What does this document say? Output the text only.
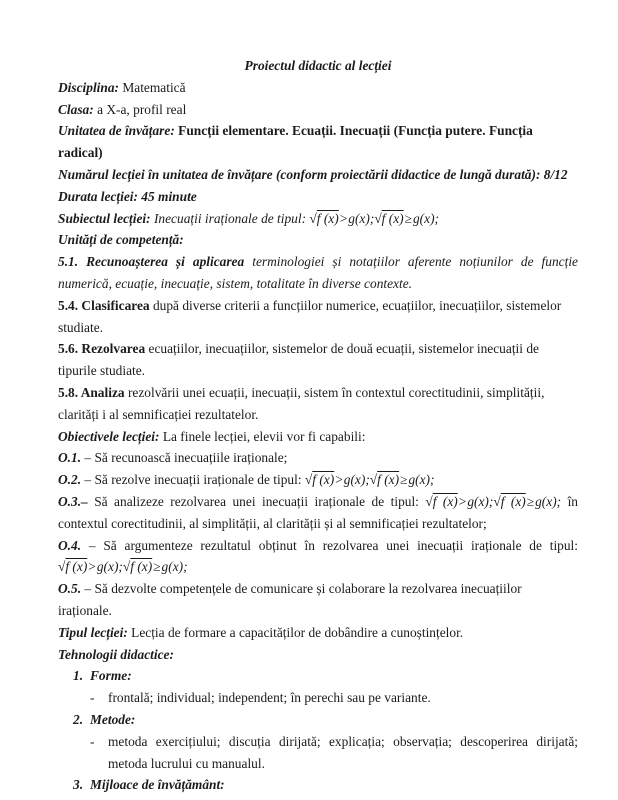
Proiectul didactic al lecției

Disciplina: Matematică

Clasa: a X-a, profil real

Unitatea de învățare: Funcții elementare. Ecuații. Inecuații (Funcția putere. Funcția radical)

Numărul lecției în unitatea de învățare (conform proiectării didactice de lungă durată): 8/12

Durata lecției: 45 minute

Subiectul lecției: Inecuații iraționale de tipul: √f (x)>g(x);√f (x)≥g(x);

Unități de competență:

5.1. Recunoașterea și aplicarea terminologiei și notațiilor aferente noțiunilor de funcție numerică, ecuație, inecuație, sistem, totalitate în diverse contexte.

5.4. Clasificarea după diverse criterii a funcțiilor numerice, ecuațiilor, inecuațiilor, sistemelor studiate.

5.6. Rezolvarea ecuațiilor, inecuațiilor, sistemelor de două ecuații, sistemelor inecuații de tipurile studiate.

5.8. Analiza rezolvării unei ecuații, inecuații, sistem în contextul corectitudinii, simplității, clarități i al semnificației rezultatelor.

Obiectivele lecției: La finele lecției, elevii vor fi capabili:

O.1. – Să recunoască inecuațiile iraționale;

O.2. – Să rezolve inecuații iraționale de tipul: √f (x)>g(x);√f (x)≥g(x);

O.3.– Să analizeze rezolvarea unei inecuații iraționale de tipul: √f (x)>g(x);√f (x)≥g(x); în contextul corectitudinii, al simplității, al clarității și al semnificației rezultatelor;

O.4. – Să argumenteze rezultatul obținut în rezolvarea unei inecuații iraționale de tipul: √f (x)>g(x);√f (x)≥g(x);

O.5. – Să dezvolte competențele de comunicare și colaborare la rezolvarea inecuațiilor iraționale.

Tipul lecției: Lecția de formare a capacităților de dobândire a cunoștințelor.

Tehnologii didactice:

1. Forme:

- frontală; individual; independent; în perechi sau pe variante.

2. Metode:

- metoda exercițiului; discuția dirijată; explicația; observația; descoperirea dirijată; metoda lucrului cu manualul.

3. Mijloace de învățământ:
